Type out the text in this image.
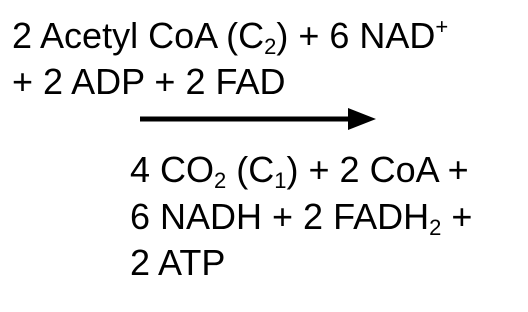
2 Acetyl CoA $(C_2) + 6$ NAD+
+ 2 ADP + 2 FAD
4 $CO_2$ $(C_1) + 2$ CoA +
6 NADH + 2 $FADH_2$ +
2 ATP
